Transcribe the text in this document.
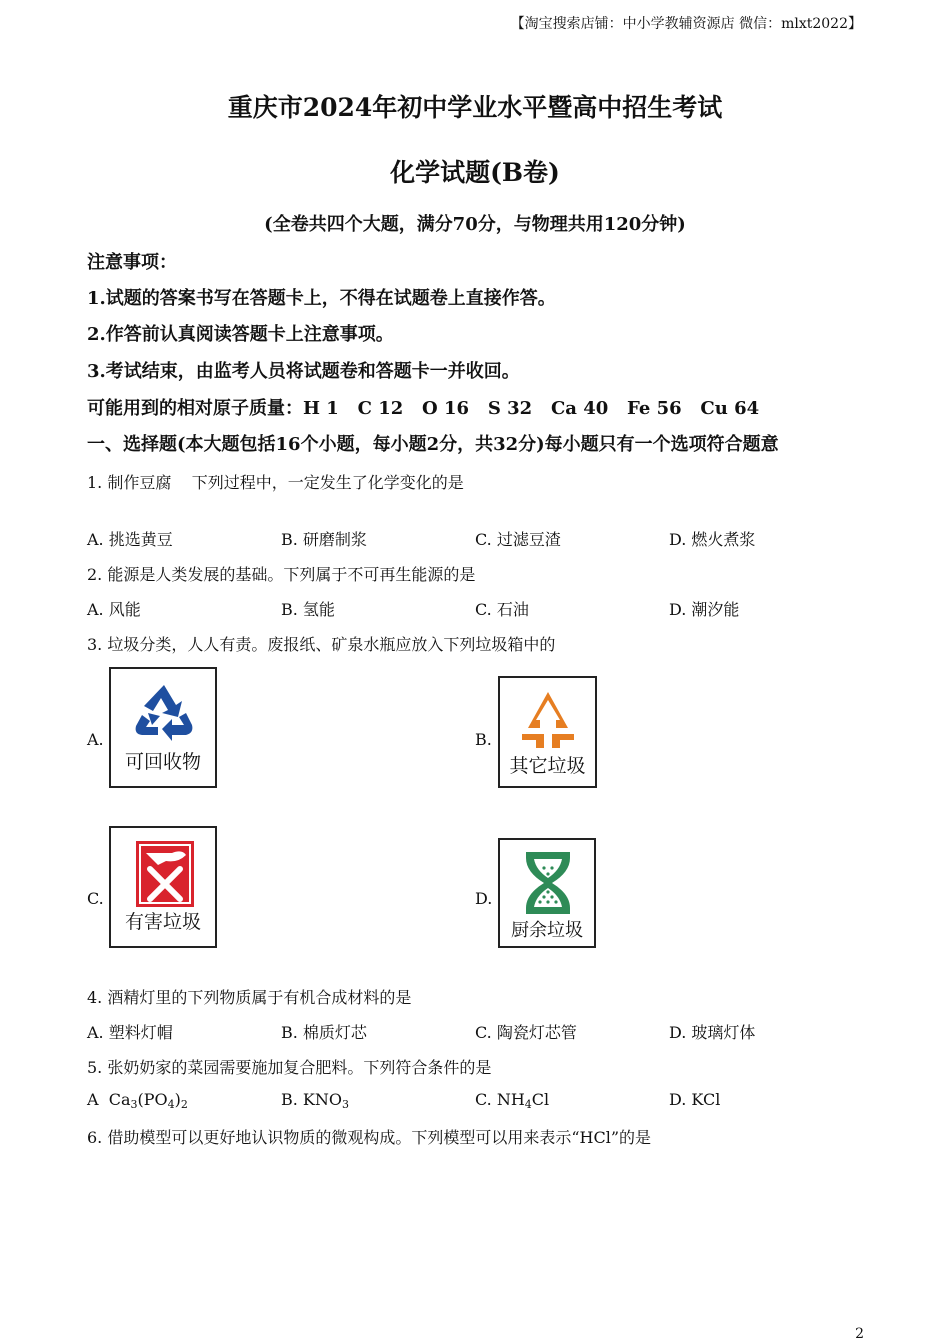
【淘宝搜索店铺：中小学教辅资源店 微信：mlxt2022】
重庆市2024年初中学业水平暨高中招生考试
化学试题(B卷)
(全卷共四个大题，满分70分，与物理共用120分钟)
注意事项：
1.试题的答案书写在答题卡上，不得在试题卷上直接作答。
2.作答前认真阅读答题卡上注意事项。
3.考试结束，由监考人员将试题卷和答题卡一并收回。
可能用到的相对原子质量：H 1   C 12   O 16   S 32   Ca 40   Fe 56   Cu 64
一、选择题(本大题包括16个小题，每小题2分，共32分)每小题只有一个选项符合题意
1. 制作豆腐    下列过程中，一定发生了化学变化的是
A. 挑选黄豆	B. 研磨制浆	C. 过滤豆渣	D. 燃火煮浆
2. 能源是人类发展的基础。下列属于不可再生能源的是
A. 风能	B. 氢能	C. 石油	D. 潮汐能
3. 垃圾分类，人人有责。废报纸、矿泉水瓶应放入下列垃圾箱中的
A.
可回收物
B.
其它垃圾
C.
有害垃圾
D.
厨余垃圾
4. 酒精灯里的下列物质属于有机合成材料的是
A. 塑料灯帽	B. 棉质灯芯	C. 陶瓷灯芯管	D. 玻璃灯体
5. 张奶奶家的菜园需要施加复合肥料。下列符合条件的是
A  $Ca_3(PO_4)_2$	B. $KNO_3$	C. $NH_4Cl$	D. KCl
6. 借助模型可以更好地认识物质的微观构成。下列模型可以用来表示“HCl”的是
2
